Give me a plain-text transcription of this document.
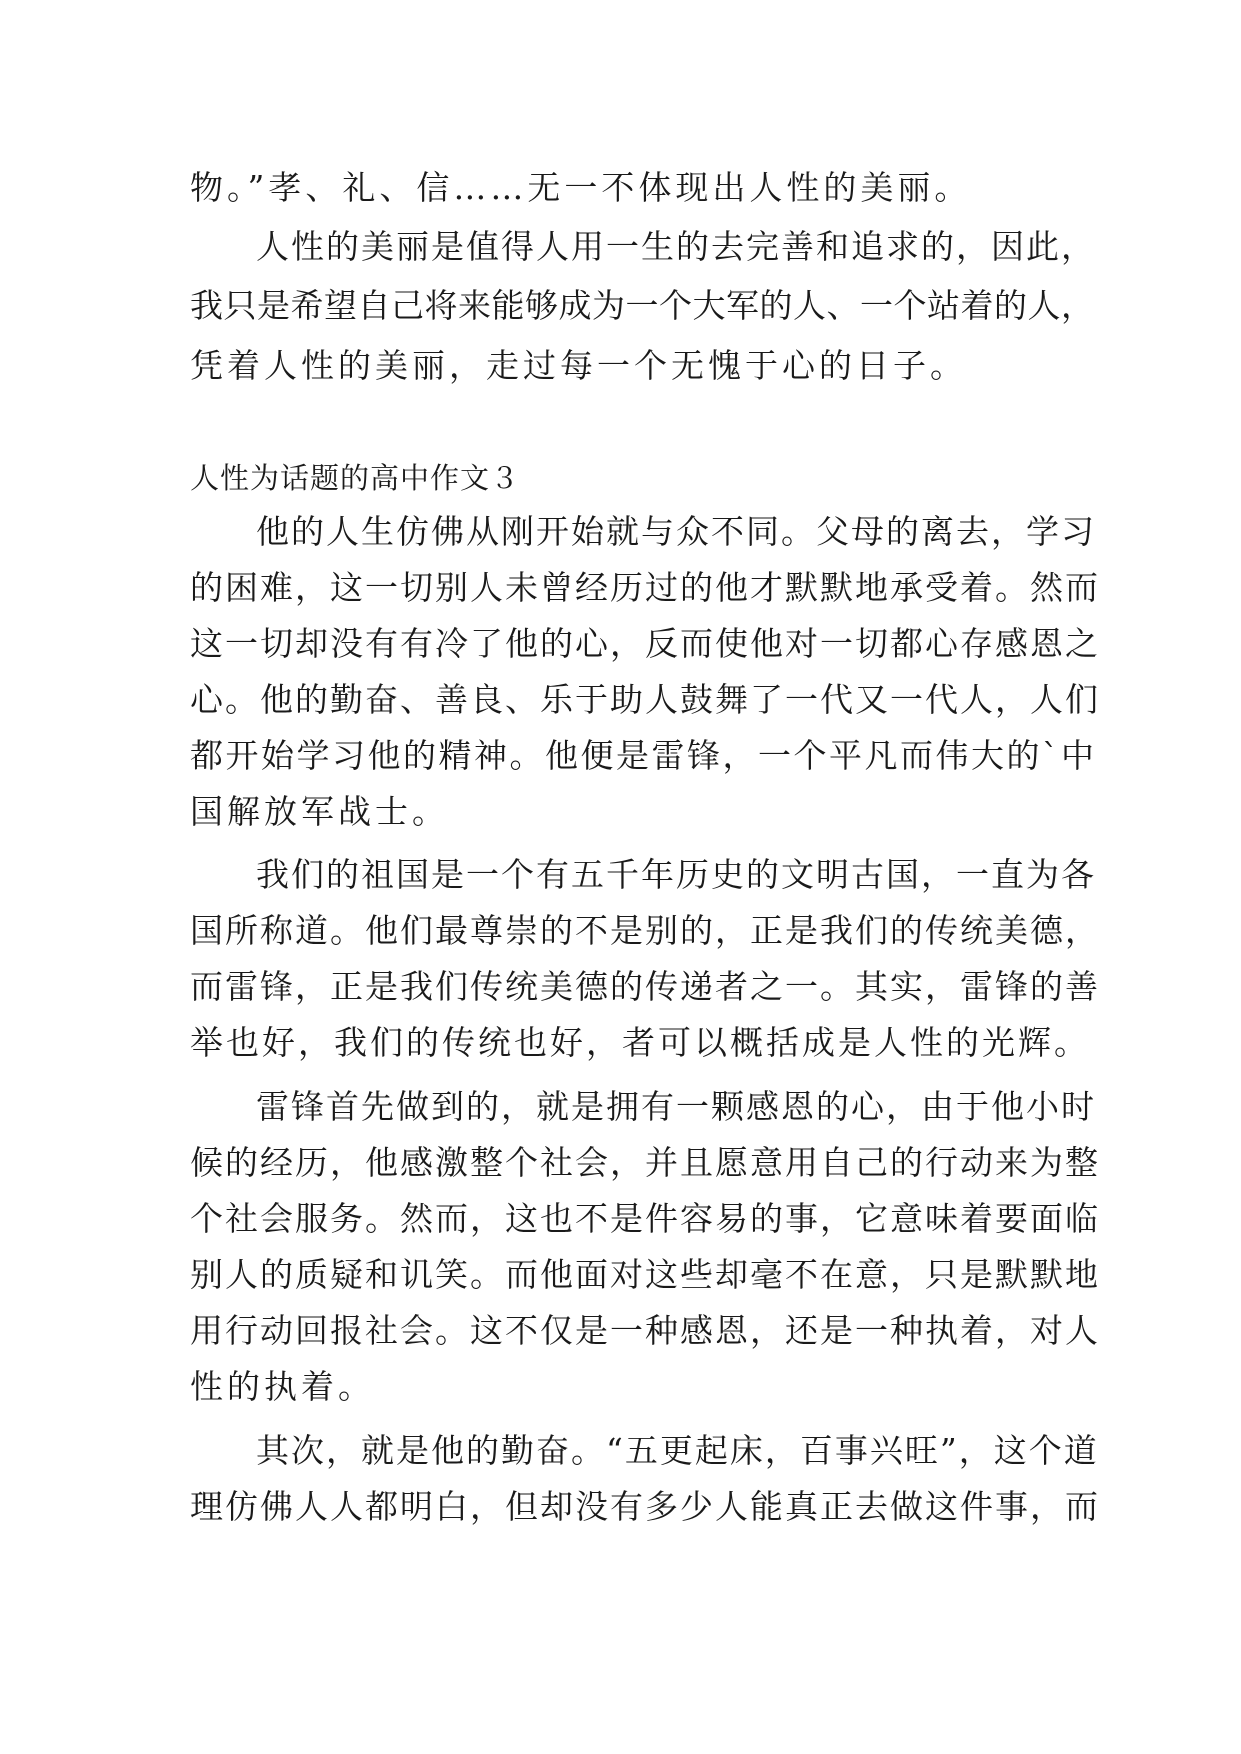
物。”孝、礼、信……无一不体现出人性的美丽。
人性的美丽是值得人用一生的去完善和追求的，因此，
我只是希望自己将来能够成为一个大军的人、一个站着的人，
凭着人性的美丽，走过每一个无愧于心的日子。
人性为话题的高中作文３
他的人生仿佛从刚开始就与众不同。父母的离去，学习
的困难，这一切别人未曾经历过的他才默默地承受着。然而
这一切却没有有冷了他的心，反而使他对一切都心存感恩之
心。他的勤奋、善良、乐于助人鼓舞了一代又一代人，人们
都开始学习他的精神。他便是雷锋，一个平凡而伟大的`中
国解放军战士。
我们的祖国是一个有五千年历史的文明古国，一直为各
国所称道。他们最尊崇的不是别的，正是我们的传统美德，
而雷锋，正是我们传统美德的传递者之一。其实，雷锋的善
举也好，我们的传统也好，者可以概括成是人性的光辉。
雷锋首先做到的，就是拥有一颗感恩的心，由于他小时
候的经历，他感激整个社会，并且愿意用自己的行动来为整
个社会服务。然而，这也不是件容易的事，它意味着要面临
别人的质疑和讥笑。而他面对这些却毫不在意，只是默默地
用行动回报社会。这不仅是一种感恩，还是一种执着，对人
性的执着。
其次，就是他的勤奋。“五更起床，百事兴旺”，这个道
理仿佛人人都明白，但却没有多少人能真正去做这件事，而
